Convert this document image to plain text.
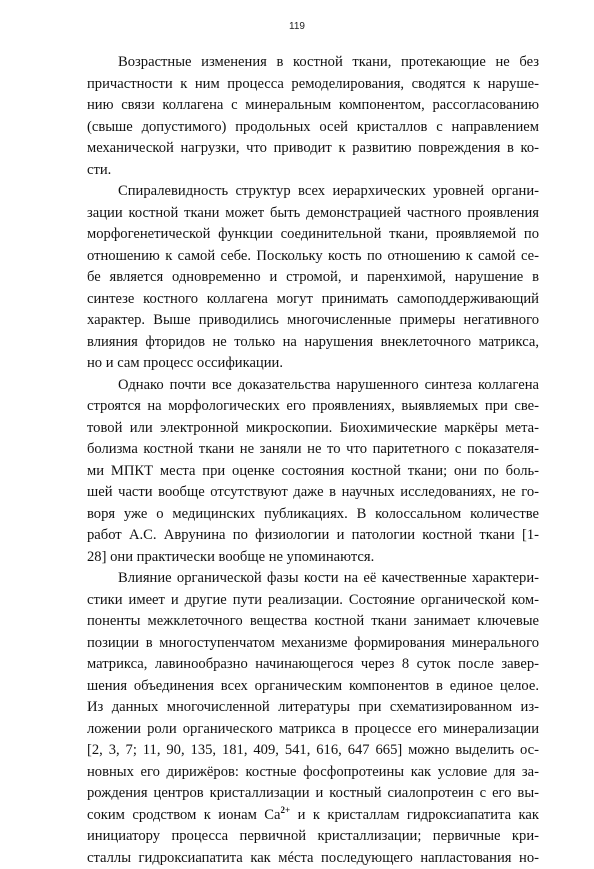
119
Возрастные изменения в костной ткани, протекающие не без
причастности к ним процесса ремоделирования, сводятся к наруше-
нию связи коллагена с минеральным компонентом, рассогласованию
(свыше допустимого) продольных осей кристаллов с направлением
механической нагрузки, что приводит к развитию повреждения в ко-
сти.
Спиралевидность структур всех иерархических уровней органи-
зации костной ткани может быть демонстрацией частного проявления
морфогенетической функции соединительной ткани, проявляемой по
отношению к самой себе. Поскольку кость по отношению к самой се-
бе является одновременно и стромой, и паренхимой, нарушение в
синтезе костного коллагена могут принимать самоподдерживающий
характер. Выше приводились многочисленные примеры негативного
влияния фторидов не только на нарушения внеклеточного матрикса,
но и сам процесс оссификации.
Однако почти все доказательства нарушенного синтеза коллагена
строятся на морфологических его проявлениях, выявляемых при све-
товой или электронной микроскопии. Биохимические маркёры мета-
болизма костной ткани не заняли не то что паритетного с показателя-
ми МПКТ места при оценке состояния костной ткани; они по боль-
шей части вообще отсутствуют даже в научных исследованиях, не го-
воря уже о медицинских публикациях. В колоссальном количестве
работ А.С. Аврунина по физиологии и патологии костной ткани [1-
28] они практически вообще не упоминаются.
Влияние органической фазы кости на её качественные характери-
стики имеет и другие пути реализации. Состояние органической ком-
поненты межклеточного вещества костной ткани занимает ключевые
позиции в многоступенчатом механизме формирования минерального
матрикса, лавинообразно начинающегося через 8 суток после завер-
шения объединения всех органическим компонентов в единое целое.
Из данных многочисленной литературы при схематизированном из-
ложении роли органического матрикса в процессе его минерализации
[2, 3, 7; 11, 90, 135, 181, 409, 541, 616, 647 665] можно выделить ос-
новных его дирижёров: костные фосфопротеины как условие для за-
рождения центров кристаллизации и костный сиалопротеин с его вы-
соким сродством к ионам $Ca^{2+}$ и к кристаллам гидроксиапатита как
инициатору процесса первичной кристаллизации; первичные кри-
сталлы гидроксиапатита как мéста последующего напластования но-
